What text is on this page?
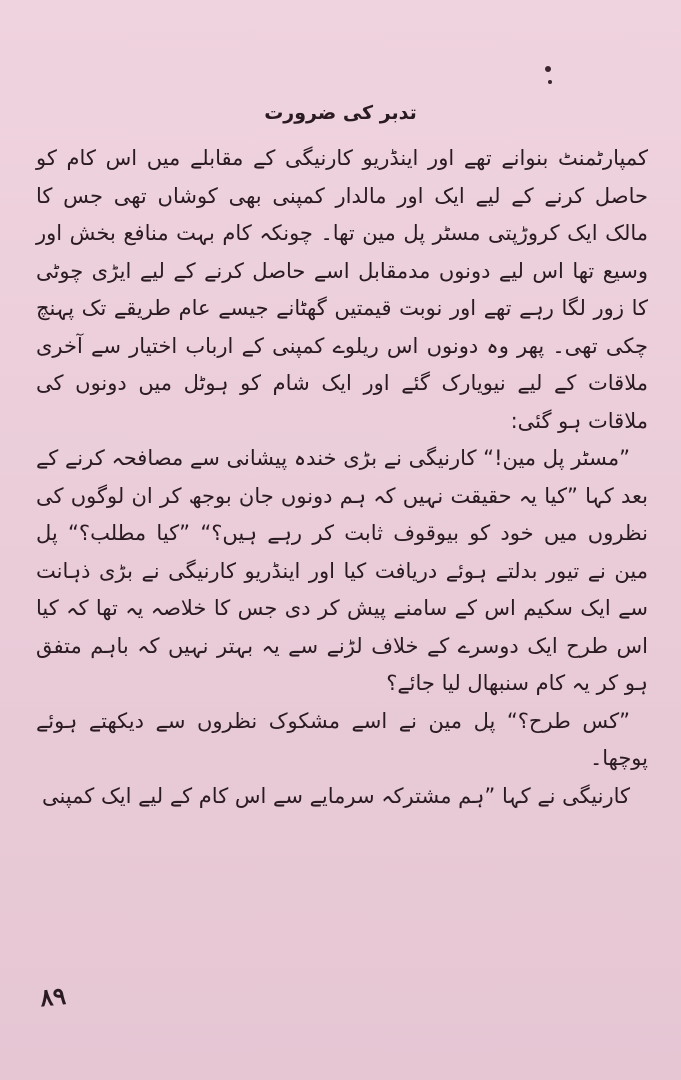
تدبر کی ضرورت

کمپارٹمنٹ بنوانے تھے اور اینڈریو کارنیگی کے مقابلے میں اس کام کو حاصل کرنے کے لیے ایک اور مالدار کمپنی بھی کوشاں تھی جس کا مالک ایک کروڑپتی مسٹر پل مین تھا۔ چونکہ کام بہت منافع بخش اور وسیع تھا اس لیے دونوں مدمقابل اسے حاصل کرنے کے لیے ایڑی چوٹی کا زور لگا رہے تھے اور نوبت قیمتیں گھٹانے جیسے عام طریقے تک پہنچ چکی تھی۔ پھر وہ دونوں اس ریلوے کمپنی کے ارباب اختیار سے آخری ملاقات کے لیے نیویارک گئے اور ایک شام کو ہوٹل میں دونوں کی ملاقات ہو گئی:

”مسٹر پل مین!“ کارنیگی نے بڑی خندہ پیشانی سے مصافحہ کرنے کے بعد کہا ”کیا یہ حقیقت نہیں کہ ہم دونوں جان بوجھ کر ان لوگوں کی نظروں میں خود کو بیوقوف ثابت کر رہے ہیں؟“ ”کیا مطلب؟“ پل مین نے تیور بدلتے ہوئے دریافت کیا اور اینڈریو کارنیگی نے بڑی ذہانت سے ایک سکیم اس کے سامنے پیش کر دی جس کا خلاصہ یہ تھا کہ کیا اس طرح ایک دوسرے کے خلاف لڑنے سے یہ بہتر نہیں کہ باہم متفق ہو کر یہ کام سنبھال لیا جائے؟

”کس طرح؟“ پل مین نے اسے مشکوک نظروں سے دیکھتے ہوئے پوچھا۔

کارنیگی نے کہا ”ہم مشترکہ سرمایے سے اس کام کے لیے ایک کمپنی

۸۹
